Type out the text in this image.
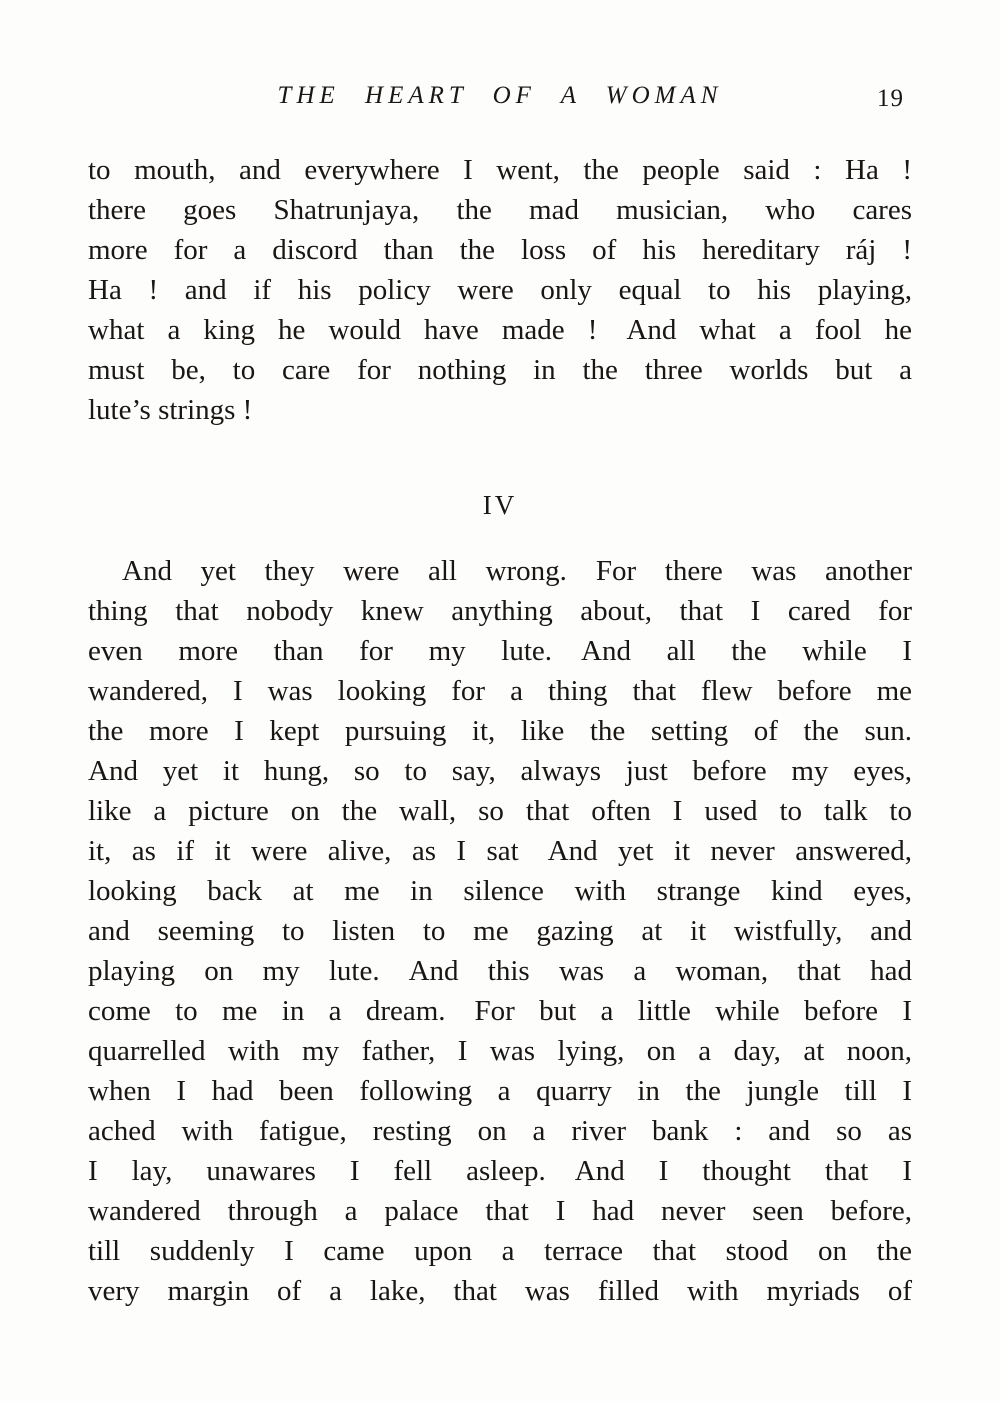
THE HEART OF A WOMAN	19
to mouth, and everywhere I went, the people said : Ha !
there goes Shatrunjaya, the mad musician, who cares
more for a discord than the loss of his hereditary ráj !
Ha ! and if his policy were only equal to his playing,
what a king he would have made ! And what a fool he
must be, to care for nothing in the three worlds but a
lute’s strings !
IV
And yet they were all wrong. For there was another
thing that nobody knew anything about, that I cared for
even more than for my lute. And all the while I
wandered, I was looking for a thing that flew before me
the more I kept pursuing it, like the setting of the sun.
And yet it hung, so to say, always just before my eyes,
like a picture on the wall, so that often I used to talk to
it, as if it were alive, as I sat And yet it never answered,
looking back at me in silence with strange kind eyes,
and seeming to listen to me gazing at it wistfully, and
playing on my lute. And this was a woman, that had
come to me in a dream. For but a little while before I
quarrelled with my father, I was lying, on a day, at noon,
when I had been following a quarry in the jungle till I
ached with fatigue, resting on a river bank : and so as
I lay, unawares I fell asleep. And I thought that I
wandered through a palace that I had never seen before,
till suddenly I came upon a terrace that stood on the
very margin of a lake, that was filled with myriads of
